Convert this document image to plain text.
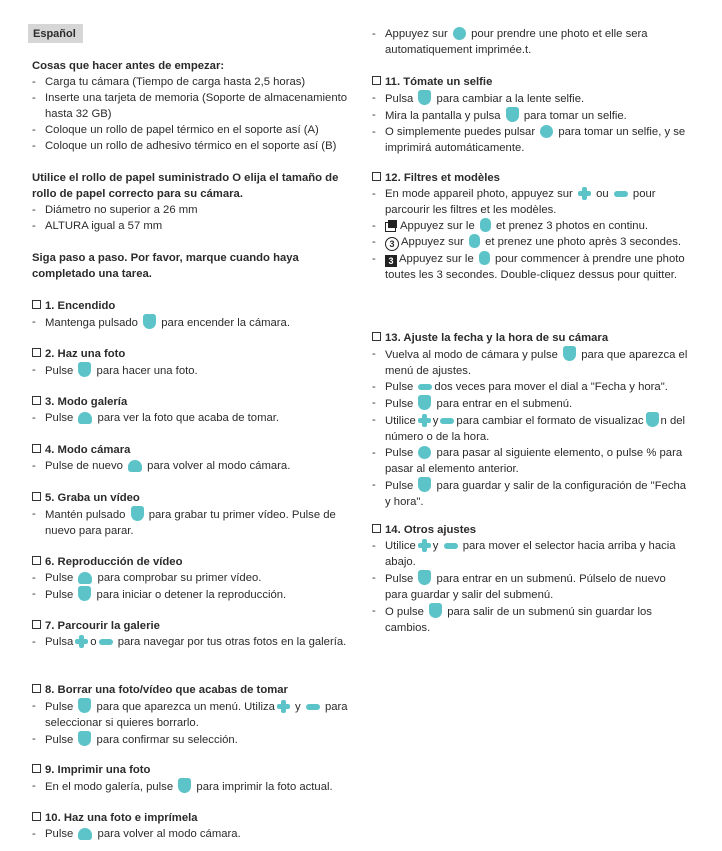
Español
Cosas que hacer antes de empezar:
- Carga tu cámara (Tiempo de carga hasta 2,5 horas)
- Inserte una tarjeta de memoria (Soporte de almacenamiento hasta 32 GB)
- Coloque un rollo de papel térmico en el soporte así (A)
- Coloque un rollo de adhesivo térmico en el soporte así (B)
Utilice el rollo de papel suministrado O elija el tamaño de rollo de papel correcto para su cámara.
- Diámetro no superior a 26 mm
- ALTURA igual a 57 mm
Siga paso a paso. Por favor, marque cuando haya completado una tarea.
1. Encendido
- Mantenga pulsado para encender la cámara.
2. Haz una foto
- Pulse para hacer una foto.
3. Modo galería
- Pulse para ver la foto que acaba de tomar.
4. Modo cámara
- Pulse de nuevo para volver al modo cámara.
5. Graba un vídeo
- Mantén pulsado para grabar tu primer vídeo. Pulse de nuevo para parar.
6. Reproducción de vídeo
- Pulse para comprobar su primer vídeo.
- Pulse para iniciar o detener la reproducción.
7. Parcourir la galerie
- Pulsa o para navegar por tus otras fotos en la galería.
8. Borrar una foto/vídeo que acabas de tomar
- Pulse para que aparezca un menú. Utiliza y para seleccionar si quieres borrarlo.
- Pulse para confirmar su selección.
9. Imprimir una foto
- En el modo galería, pulse para imprimir la foto actual.
10. Haz una foto e imprímela
- Pulse para volver al modo cámara.
- Appuyez sur pour prendre une photo et elle sera automatiquement imprimée.t.
11. Tómate un selfie
- Pulsa para cambiar a la lente selfie.
- Mira la pantalla y pulsa para tomar un selfie.
- O simplemente puedes pulsar para tomar un selfie, y se imprimirá automáticamente.
12. Filtres et modèles
- En mode appareil photo, appuyez sur ou pour parcourir les filtres et les modèles.
- Appuyez sur le et prenez 3 photos en continu.
- 3 Appuyez sur et prenez une photo après 3 secondes.
- 3 Appuyez sur le pour commencer à prendre une photo toutes les 3 secondes. Double-cliquez dessus pour quitter.
13. Ajuste la fecha y la hora de su cámara
- Vuelva al modo de cámara y pulse para que aparezca el menú de ajustes.
- Pulse dos veces para mover el dial a "Fecha y hora".
- Pulse para entrar en el submenú.
- Utilice y para cambiar el formato de visualizac n del número o de la hora.
- Pulse para pasar al siguiente elemento, o pulse % para pasar al elemento anterior.
- Pulse para guardar y salir de la configuración de "Fecha y hora".
14. Otros ajustes
- Utilice y para mover el selector hacia arriba y hacia abajo.
- Pulse para entrar en un submenú. Púlselo de nuevo para guardar y salir del submenú.
- O pulse para salir de un submenú sin guardar los cambios.
